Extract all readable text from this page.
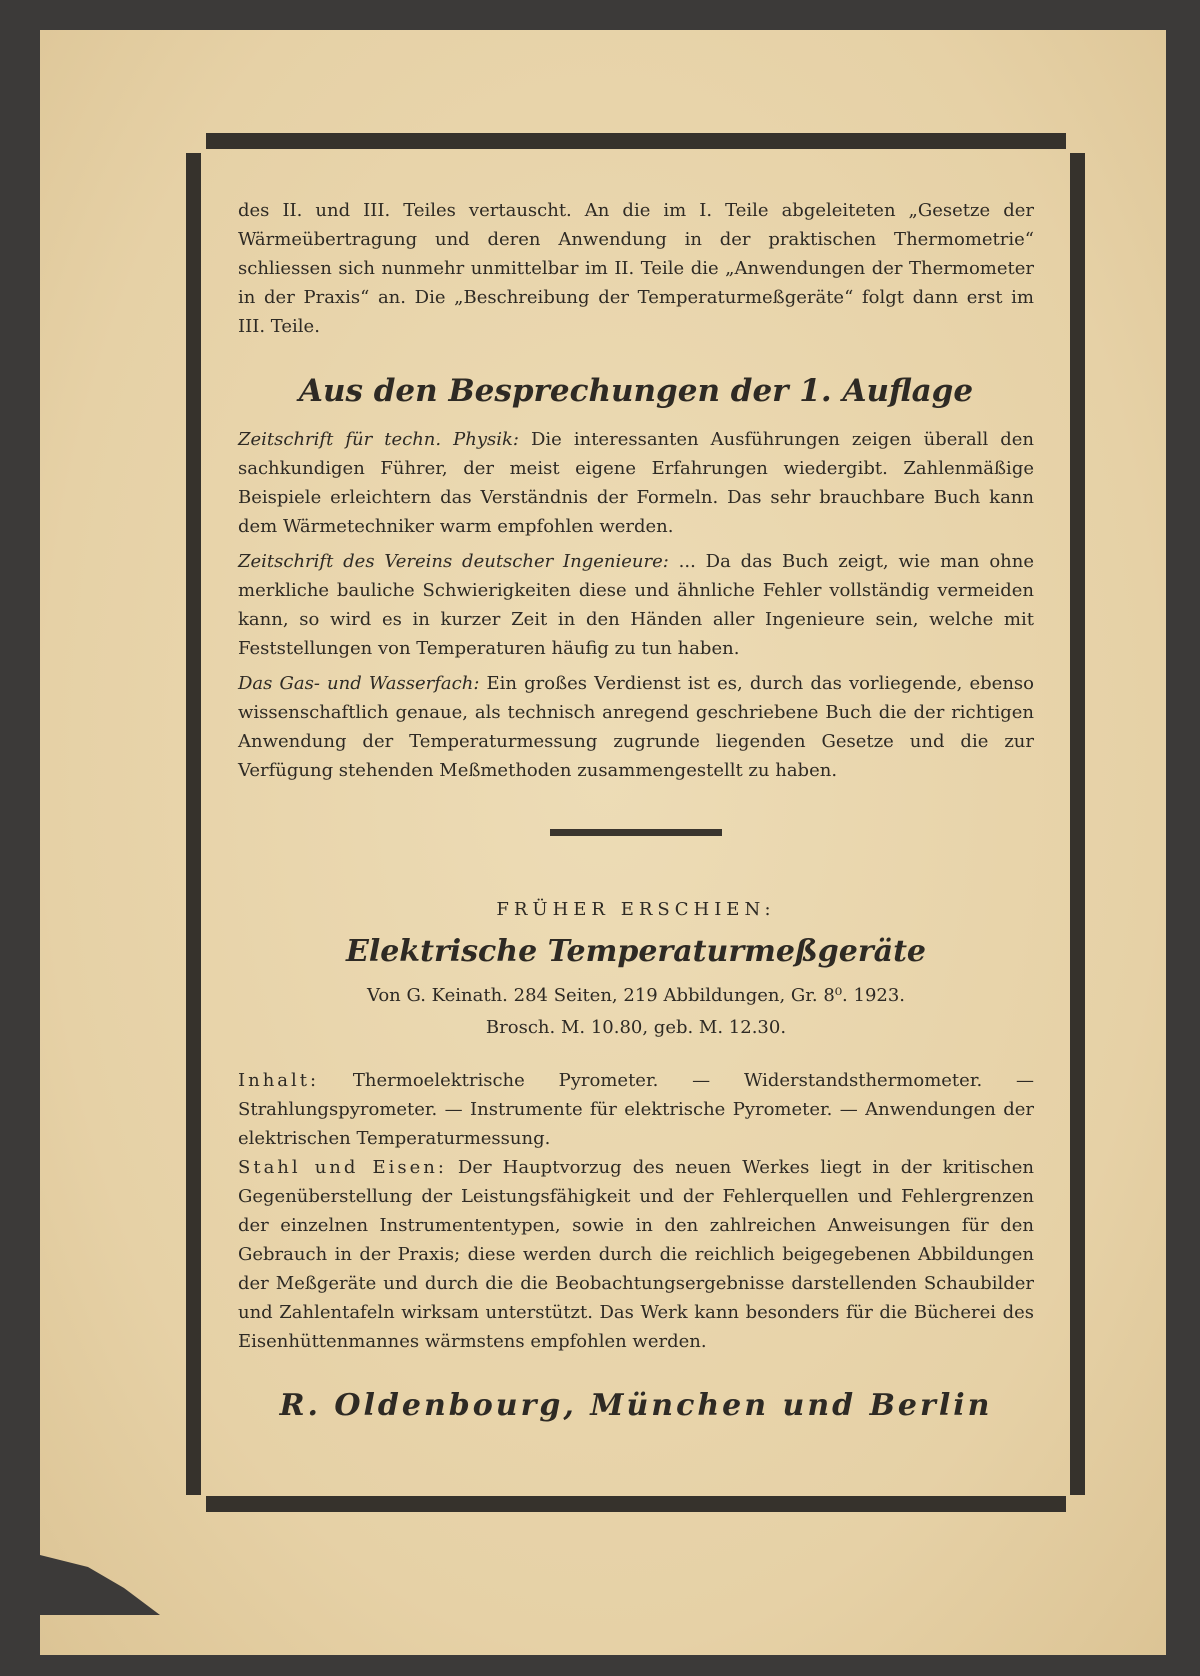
des II. und III. Teiles vertauscht. An die im I. Teile abgeleiteten „Gesetze der Wärmeübertragung und deren Anwendung in der praktischen Thermometrie“ schliessen sich nunmehr unmittelbar im II. Teile die „Anwendungen der Thermometer in der Praxis“ an. Die „Beschreibung der Temperaturmeßgeräte“ folgt dann erst im III. Teile.

Aus den Besprechungen der 1. Auflage

Zeitschrift für techn. Physik: Die interessanten Ausführungen zeigen überall den sachkundigen Führer, der meist eigene Erfahrungen wiedergibt. Zahlenmäßige Beispiele erleichtern das Verständnis der Formeln. Das sehr brauchbare Buch kann dem Wärmetechniker warm empfohlen werden.

Zeitschrift des Vereins deutscher Ingenieure: ... Da das Buch zeigt, wie man ohne merkliche bauliche Schwierigkeiten diese und ähnliche Fehler vollständig vermeiden kann, so wird es in kurzer Zeit in den Händen aller Ingenieure sein, welche mit Feststellungen von Temperaturen häufig zu tun haben.

Das Gas- und Wasserfach: Ein großes Verdienst ist es, durch das vorliegende, ebenso wissenschaftlich genaue, als technisch anregend geschriebene Buch die der richtigen Anwendung der Temperaturmessung zugrunde liegenden Gesetze und die zur Verfügung stehenden Meßmethoden zusammengestellt zu haben.

FRÜHER ERSCHIEN:
Elektrische Temperaturmeßgeräte
Von G. Keinath. 284 Seiten, 219 Abbildungen, Gr. 8⁰. 1923.
Brosch. M. 10.80, geb. M. 12.30.

Inhalt: Thermoelektrische Pyrometer. — Widerstandsthermometer. — Strahlungspyrometer. — Instrumente für elektrische Pyrometer. — Anwendungen der elektrischen Temperaturmessung.

Stahl und Eisen: Der Hauptvorzug des neuen Werkes liegt in der kritischen Gegenüberstellung der Leistungsfähigkeit und der Fehlerquellen und Fehlergrenzen der einzelnen Instrumententypen, sowie in den zahlreichen Anweisungen für den Gebrauch in der Praxis; diese werden durch die reichlich beigegebenen Abbildungen der Meßgeräte und durch die die Beobachtungsergebnisse darstellenden Schaubilder und Zahlentafeln wirksam unterstützt. Das Werk kann besonders für die Bücherei des Eisenhüttenmannes wärmstens empfohlen werden.

R. Oldenbourg, München und Berlin
